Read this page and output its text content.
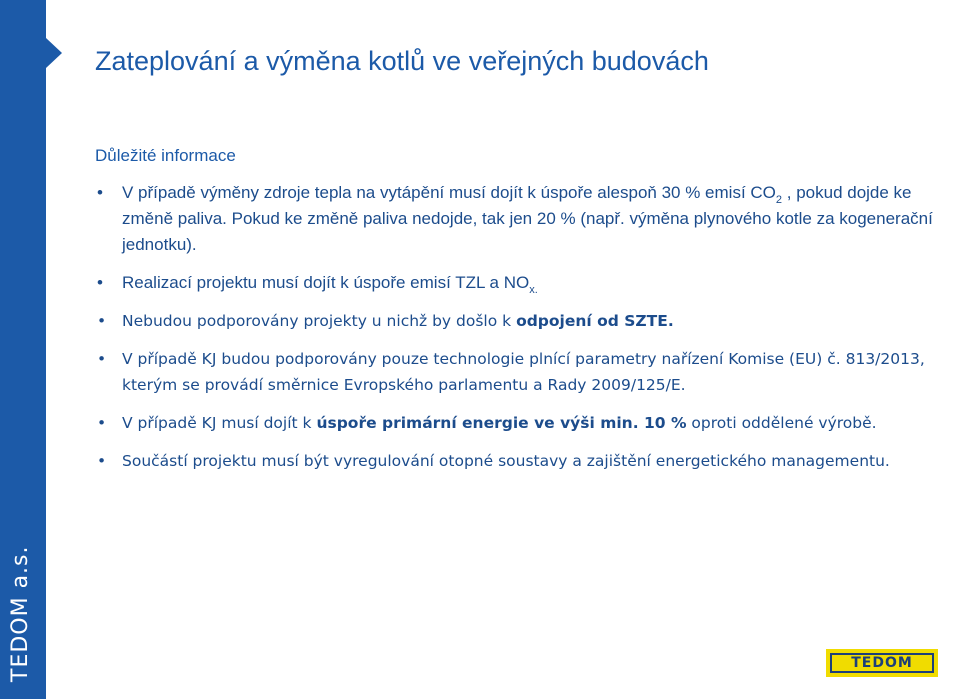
TEDOM a.s.
Zateplování a výměna kotlů ve veřejných budovách
Důležité informace
• V případě výměny zdroje tepla na vytápění musí dojít k úspoře alespoň 30 % emisí $CO_2$ , pokud dojde ke změně paliva. Pokud ke změně paliva nedojde, tak jen 20 % (např. výměna plynového kotle za kogenerační jednotku).
• Realizací projektu musí dojít k úspoře emisí TZL a $NO_{x.}$
• Nebudou podporovány projekty u nichž by došlo k odpojení od SZTE.
• V případě KJ budou podporovány pouze technologie plnící parametry nařízení Komise (EU) č. 813/2013, kterým se provádí směrnice Evropského parlamentu a Rady 2009/125/E.
• V případě KJ musí dojít k úspoře primární energie ve výši min. 10 % oproti oddělené výrobě.
• Součástí projektu musí být vyregulování otopné soustavy a zajištění energetického managementu.
TEDOM
